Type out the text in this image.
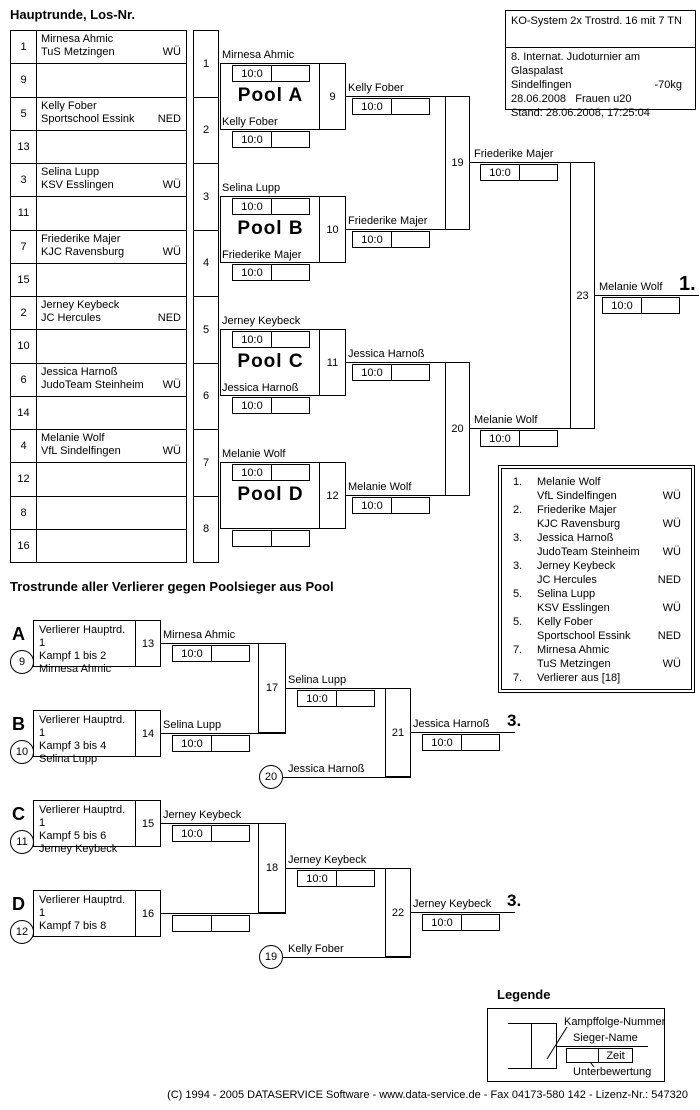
Hauptrunde, Los-Nr.	KO-System 2x Trostrd. 16 mit 7 TN
8. Internat. Judoturnier am Glaspalast
Sindelfingen	-70kg
28.06.2008 Frauen u20
Stand: 28.06.2008, 17:25:04
1
Mirnesa Ahmic
TuS Metzingen	WÜ
9
5
Kelly Fober
Sportschool Essink NED
13
3
Selina Lupp
KSV Esslingen	WÜ
11
7
Friederike Majer
KJC Ravensburg	WÜ
15
2
Jerney Keybeck
JC Hercules	NED
10
6
Jessica Harnoß
JudoTeam Steinheim WÜ
14
4
Melanie Wolf
VfL Sindelfingen	WÜ
12
8
16
1
2
3
4
5
6
7
8
9
Pool A
Mirnesa Ahmic
10:0
Kelly Fober
10:0
Kelly Fober
10:0
10
Pool B
Selina Lupp
10:0
Friederike Majer
10:0
Friederike Majer
10:0
11
Pool C
Jerney Keybeck
10:0
Jessica Harnoß
10:0
Jessica Harnoß
10:0
12
Pool D
Melanie Wolf
10:0
Melanie Wolf
10:0
19
Friederike Majer
10:0
20
Melanie Wolf
10:0
23
Melanie Wolf 1.
10:0
1.	Melanie Wolf
VfL Sindelfingen	WÜ
2.	Friederike Majer
KJC Ravensburg	WÜ
3.	Jessica Harnoß
JudoTeam Steinheim	WÜ
3.	Jerney Keybeck
JC Hercules	NED
5.	Selina Lupp
KSV Esslingen	WÜ
5.	Kelly Fober
Sportschool Essink	NED
7.	Mirnesa Ahmic
TuS Metzingen	WÜ
7.	Verlierer aus [18]
Trostrunde aller Verlierer gegen Poolsieger aus Pool
A Verlierer Hauptrd. 1
Kampf 1 bis 2
Mirnesa Ahmic
13
9
Mirnesa Ahmic
10:0
B Verlierer Hauptrd. 1
Kampf 3 bis 4
Selina Lupp
14
10
Selina Lupp
10:0
17
Selina Lupp
10:0
20
Jessica Harnoß
21
Jessica Harnoß 3.
10:0
C Verlierer Hauptrd. 1
Kampf 5 bis 6
Jerney Keybeck
15
11
Jerney Keybeck
10:0
D Verlierer Hauptrd. 1
Kampf 7 bis 8
16
12
18
Jerney Keybeck
10:0
19
Kelly Fober
22
Jerney Keybeck 3.
10:0
Legende
Kampffolge-Nummer
Sieger-Name
Zeit
Unterbewertung
(C) 1994 - 2005 DATASERVICE Software - www.data-service.de - Fax 04173-580 142 - Lizenz-Nr.: 547320
